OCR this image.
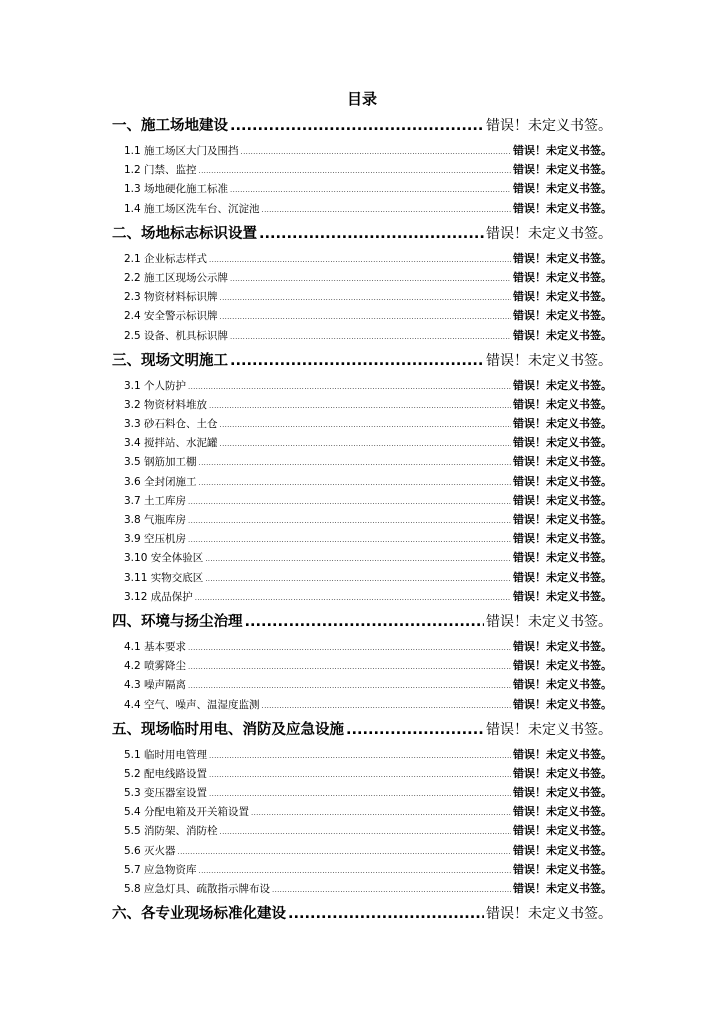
目录
一、施工场地建设 .....	错误！未定义书签。
1.1 施工场区大门及围挡 .....	错误！未定义书签。
1.2 门禁、监控 .....	错误！未定义书签。
1.3 场地硬化施工标准 .....	错误！未定义书签。
1.4 施工场区洗车台、沉淀池 .....	错误！未定义书签。
二、场地标志标识设置 .....	错误！未定义书签。
2.1 企业标志样式 .....	错误！未定义书签。
2.2 施工区现场公示牌 .....	错误！未定义书签。
2.3 物资材料标识牌 .....	错误！未定义书签。
2.4 安全警示标识牌 .....	错误！未定义书签。
2.5 设备、机具标识牌 .....	错误！未定义书签。
三、现场文明施工 .....	错误！未定义书签。
3.1 个人防护 .....	错误！未定义书签。
3.2 物资材料堆放 .....	错误！未定义书签。
3.3 砂石料仓、土仓 .....	错误！未定义书签。
3.4 搅拌站、水泥罐 .....	错误！未定义书签。
3.5 钢筋加工棚 .....	错误！未定义书签。
3.6 全封闭施工 .....	错误！未定义书签。
3.7 土工库房 .....	错误！未定义书签。
3.8 气瓶库房 .....	错误！未定义书签。
3.9 空压机房 .....	错误！未定义书签。
3.10 安全体验区 .....	错误！未定义书签。
3.11 实物交底区 .....	错误！未定义书签。
3.12 成品保护 .....	错误！未定义书签。
四、环境与扬尘治理 .....	错误！未定义书签。
4.1 基本要求 .....	错误！未定义书签。
4.2 喷雾降尘 .....	错误！未定义书签。
4.3 噪声隔离 .....	错误！未定义书签。
4.4 空气、噪声、温湿度监测 .....	错误！未定义书签。
五、现场临时用电、消防及应急设施 .....	错误！未定义书签。
5.1 临时用电管理 .....	错误！未定义书签。
5.2 配电线路设置 .....	错误！未定义书签。
5.3 变压器室设置 .....	错误！未定义书签。
5.4 分配电箱及开关箱设置 .....	错误！未定义书签。
5.5 消防架、消防栓 .....	错误！未定义书签。
5.6 灭火器 .....	错误！未定义书签。
5.7 应急物资库 .....	错误！未定义书签。
5.8 应急灯具、疏散指示牌布设 .....	错误！未定义书签。
六、各专业现场标准化建设 .....	错误！未定义书签。
